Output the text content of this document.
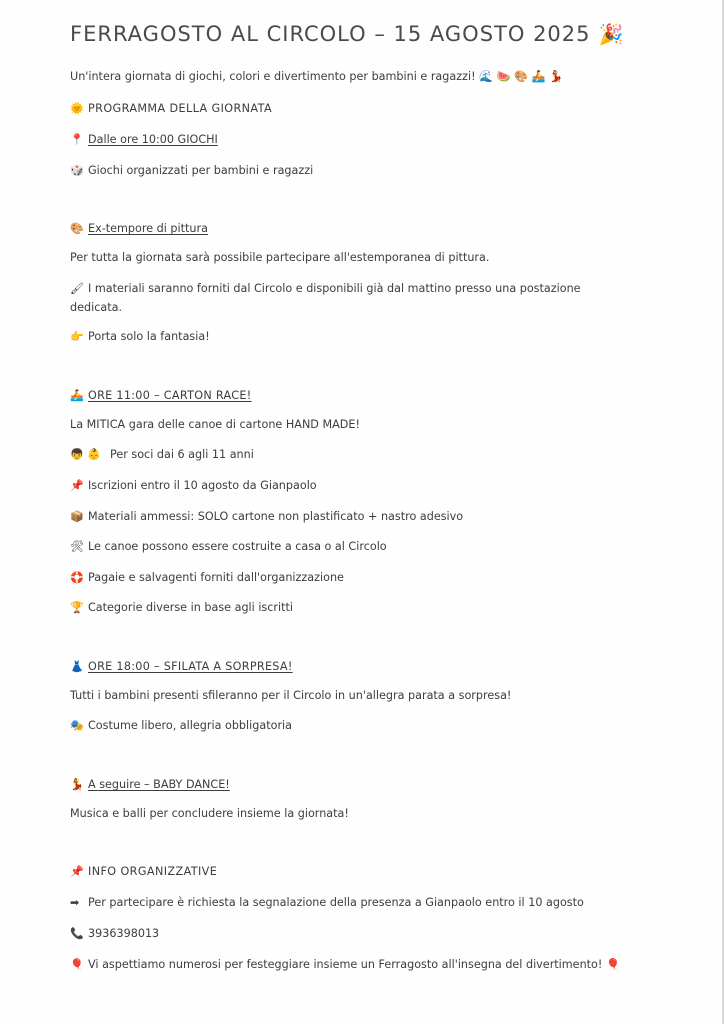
FERRAGOSTO AL CIRCOLO – 15 AGOSTO 2025 🎉
Un'intera giornata di giochi, colori e divertimento per bambini e ragazzi! 🌊 🍉 🎨 🚣 💃
🌞 PROGRAMMA DELLA GIORNATA
📍 Dalle ore 10:00 GIOCHI
🎲 Giochi organizzati per bambini e ragazzi
🎨 Ex-tempore di pittura
Per tutta la giornata sarà possibile partecipare all'estemporanea di pittura.
🖌 I materiali saranno forniti dal Circolo e disponibili già dal mattino presso una postazione dedicata.
👉 Porta solo la fantasia!
🚣 ORE 11:00 – CARTON RACE!
La MITICA gara delle canoe di cartone HAND MADE!
👦 👶 Per soci dai 6 agli 11 anni
📌 Iscrizioni entro il 10 agosto da Gianpaolo
📦 Materiali ammessi: SOLO cartone non plastificato + nastro adesivo
🛠 Le canoe possono essere costruite a casa o al Circolo
🛟 Pagaie e salvagenti forniti dall'organizzazione
🏆 Categorie diverse in base agli iscritti
👗 ORE 18:00 – SFILATA A SORPRESA!
Tutti i bambini presenti sfileranno per il Circolo in un'allegra parata a sorpresa!
🎭 Costume libero, allegria obbligatoria
💃 A seguire – BABY DANCE!
Musica e balli per concludere insieme la giornata!
📌 INFO ORGANIZZATIVE
➡ Per partecipare è richiesta la segnalazione della presenza a Gianpaolo entro il 10 agosto
📞 3936398013
🎈 Vi aspettiamo numerosi per festeggiare insieme un Ferragosto all'insegna del divertimento! 🎈
